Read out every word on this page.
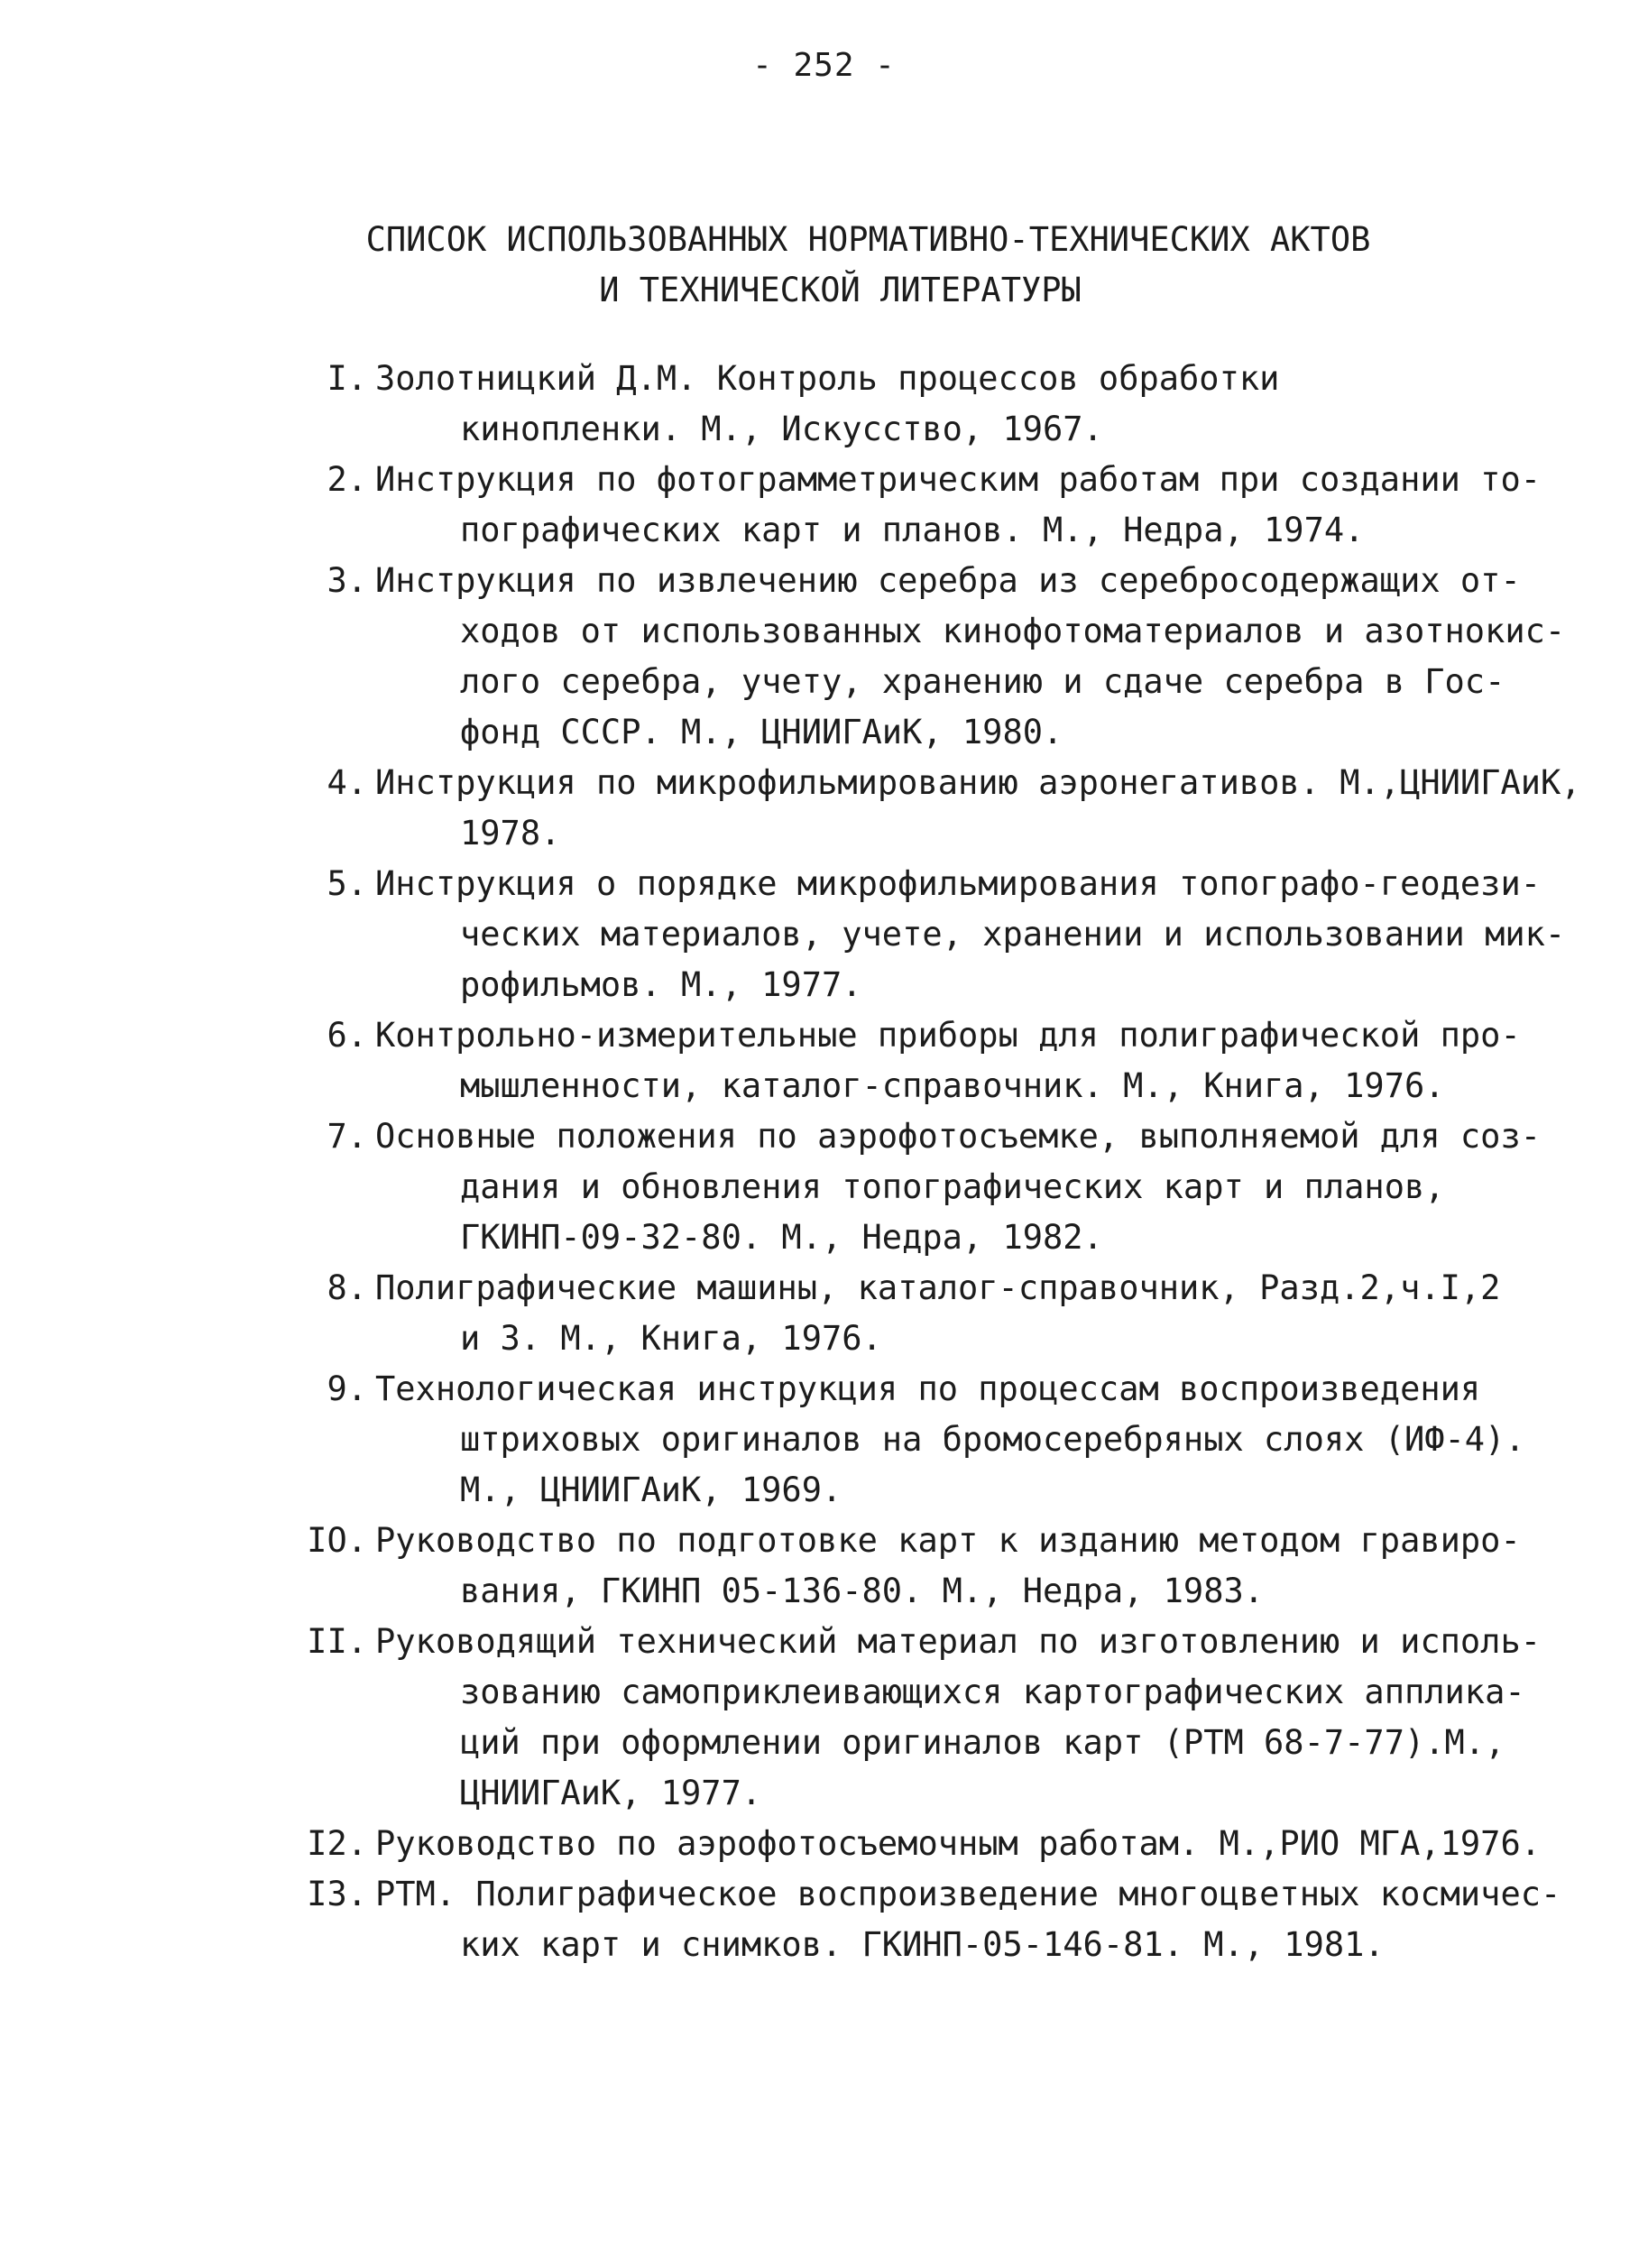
- 252 -
СПИСОК ИСПОЛЬЗОВАННЫХ НОРМАТИВНО-ТЕХНИЧЕСКИХ АКТОВ
И ТЕХНИЧЕСКОЙ ЛИТЕРАТУРЫ
I. Золотницкий Д.М. Контроль процессов обработки
кинопленки. М., Искусство, 1967.
2. Инструкция по фотограмметрическим работам при создании то-
пографических карт и планов. М., Недра, 1974.
3. Инструкция по извлечению серебра из серебросодержащих от-
ходов от использованных кинофотоматериалов и азотнокис-
лого серебра, учету, хранению и сдаче серебра в Гос-
фонд СССР. М., ЦНИИГАиК, 1980.
4. Инструкция по микрофильмированию аэронегативов. М.,ЦНИИГАиК,
1978.
5. Инструкция о порядке микрофильмирования топографо-геодези-
ческих материалов, учете, хранении и использовании мик-
рофильмов. М., 1977.
6. Контрольно-измерительные приборы для полиграфической про-
мышленности, каталог-справочник. М., Книга, 1976.
7. Основные положения по аэрофотосъемке, выполняемой для соз-
дания и обновления топографических карт и планов,
ГКИНП-09-32-80. М., Недра, 1982.
8. Полиграфические машины, каталог-справочник, Разд.2,ч.I,2
и 3. М., Книга, 1976.
9. Технологическая инструкция по процессам воспроизведения
штриховых оригиналов на бромосеребряных слоях (ИФ-4).
М., ЦНИИГАиК, 1969.
IO. Руководство по подготовке карт к изданию методом гравиро-
вания, ГКИНП 05-136-80. М., Недра, 1983.
II. Руководящий технический материал по изготовлению и исполь-
зованию самоприклеивающихся картографических аппликa-
ций при оформлении оригиналов карт (РТМ 68-7-77).М.,
ЦНИИГАиК, 1977.
I2. Руководство по аэрофотосъемочным работам. М.,РИО МГА,1976.
I3. РТМ. Полиграфическое воспроизведение многоцветных космичес-
ких карт и снимков. ГКИНП-05-146-81. М., 1981.
